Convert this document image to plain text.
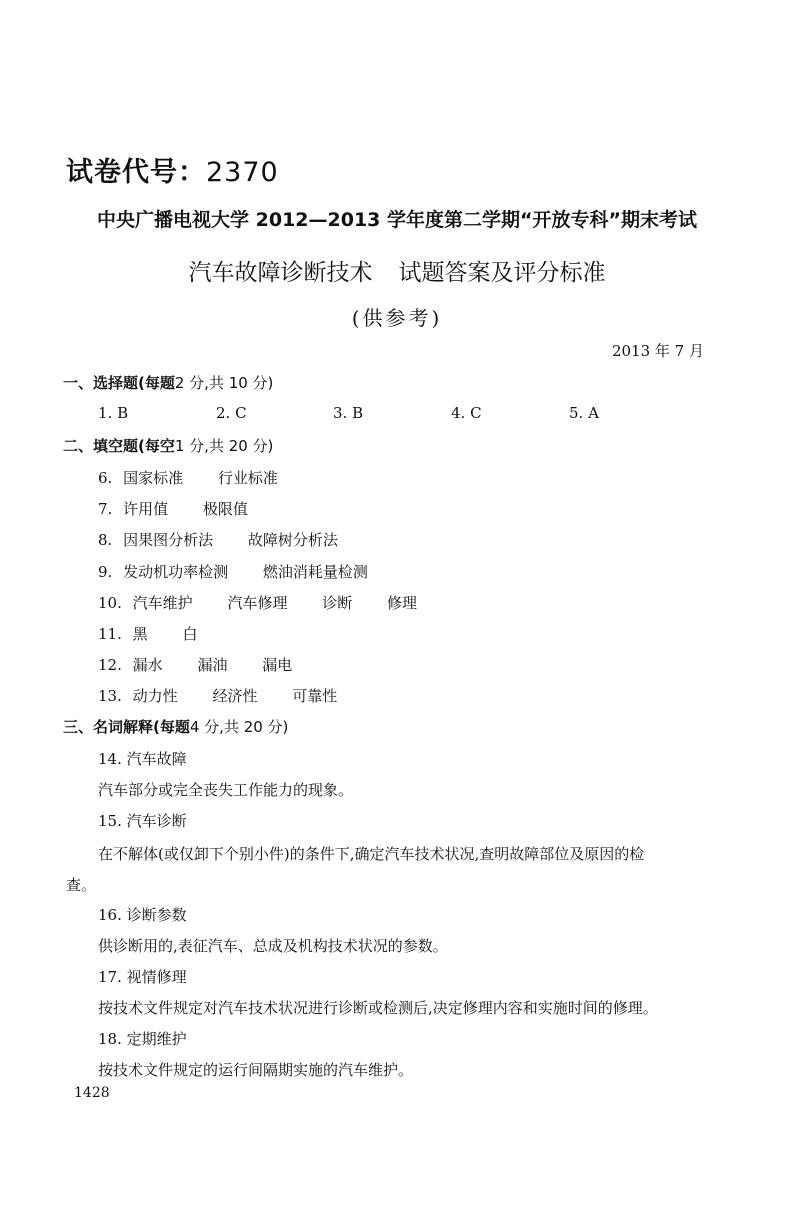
试卷代号：2370
中央广播电视大学 2012—2013 学年度第二学期“开放专科”期末考试
汽车故障诊断技术 试题答案及评分标准
(供参考)
2013 年 7 月
一、选择题(每题2 分,共 10 分)
1. B	2. C	3. B	4. C	5. A
二、填空题(每空1 分,共 20 分)
6. 国家标准 行业标准
7. 许用值 极限值
8. 因果图分析法 故障树分析法
9. 发动机功率检测 燃油消耗量检测
10. 汽车维护 汽车修理 诊断 修理
11. 黑 白
12. 漏水 漏油 漏电
13. 动力性 经济性 可靠性
三、名词解释(每题4 分,共 20 分)
14. 汽车故障
汽车部分或完全丧失工作能力的现象。
15. 汽车诊断
在不解体(或仅卸下个别小件)的条件下,确定汽车技术状况,查明故障部位及原因的检
查。
16. 诊断参数
供诊断用的,表征汽车、总成及机构技术状况的参数。
17. 视情修理
按技术文件规定对汽车技术状况进行诊断或检测后,决定修理内容和实施时间的修理。
18. 定期维护
按技术文件规定的运行间隔期实施的汽车维护。
1428
